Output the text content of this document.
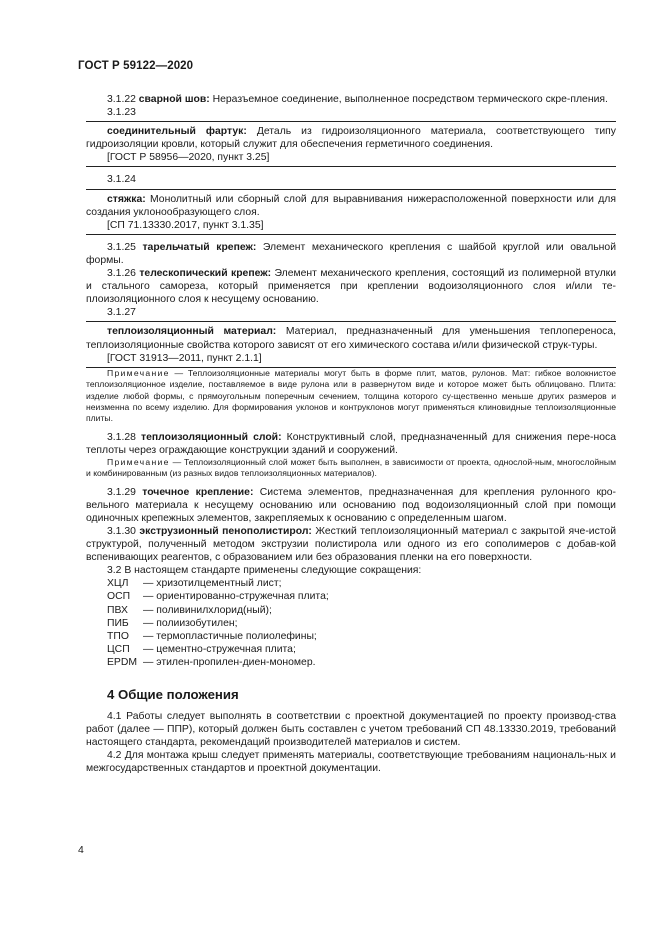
ГОСТ Р 59122—2020

3.1.22 сварной шов: Неразъемное соединение, выполненное посредством термического скре-пления.

3.1.23

соединительный фартук: Деталь из гидроизоляционного материала, соответствующего типу гидроизоляции кровли, который служит для обеспечения герметичного соединения.

[ГОСТ Р 58956—2020, пункт 3.25]

3.1.24

стяжка: Монолитный или сборный слой для выравнивания нижерасположенной поверхности или для создания уклонообразующего слоя.

[СП 71.13330.2017, пункт 3.1.35]

3.1.25 тарельчатый крепеж: Элемент механического крепления с шайбой круглой или овальной формы.

3.1.26 телескопический крепеж: Элемент механического крепления, состоящий из полимерной втулки и стального самореза, который применяется при креплении водоизоляционного слоя и/или те-плоизоляционного слоя к несущему основанию.

3.1.27

теплоизоляционный материал: Материал, предназначенный для уменьшения теплопереноса, теплоизоляционные свойства которого зависят от его химического состава и/или физической струк-туры.

[ГОСТ 31913—2011, пункт 2.1.1]

Примечание — Теплоизоляционные материалы могут быть в форме плит, матов, рулонов. Мат: гибкое волокнистое теплоизоляционное изделие, поставляемое в виде рулона или в развернутом виде и которое может быть облицовано. Плита: изделие любой формы, с прямоугольным поперечным сечением, толщина которого су-щественно меньше других размеров и неизменна по всему изделию. Для формирования уклонов и контруклонов могут применяться клиновидные теплоизоляционные плиты.

3.1.28 теплоизоляционный слой: Конструктивный слой, предназначенный для снижения пере-носа теплоты через ограждающие конструкции зданий и сооружений.

Примечание — Теплоизоляционный слой может быть выполнен, в зависимости от проекта, однослой-ным, многослойным и комбинированным (из разных видов теплоизоляционных материалов).

3.1.29 точечное крепление: Система элементов, предназначенная для крепления рулонного кро-вельного материала к несущему основанию или основанию под водоизоляционный слой при помощи одиночных крепежных элементов, закрепляемых к основанию с определенным шагом.

3.1.30 экструзионный пенополистирол: Жесткий теплоизоляционный материал с закрытой яче-истой структурой, полученный методом экструзии полистирола или одного из его сополимеров с добав-кой вспенивающих реагентов, с образованием или без образования пленки на его поверхности.

3.2 В настоящем стандарте применены следующие сокращения:

ХЦЛ	— хризотилцементный лист;
ОСП	— ориентированно-стружечная плита;
ПВХ	— поливинилхлорид(ный);
ПИБ	— полиизобутилен;
ТПО	— термопластичные полиолефины;
ЦСП	— цементно-стружечная плита;
EPDM — этилен-пропилен-диен-мономер.
4 Общие положения

4.1 Работы следует выполнять в соответствии с проектной документацией по проекту производ-ства работ (далее — ППР), который должен быть составлен с учетом требований СП 48.13330.2019, требований настоящего стандарта, рекомендаций производителей материалов и систем.

4.2 Для монтажа крыш следует применять материалы, соответствующие требованиям националь-ных и межгосударственных стандартов и проектной документации.

4
